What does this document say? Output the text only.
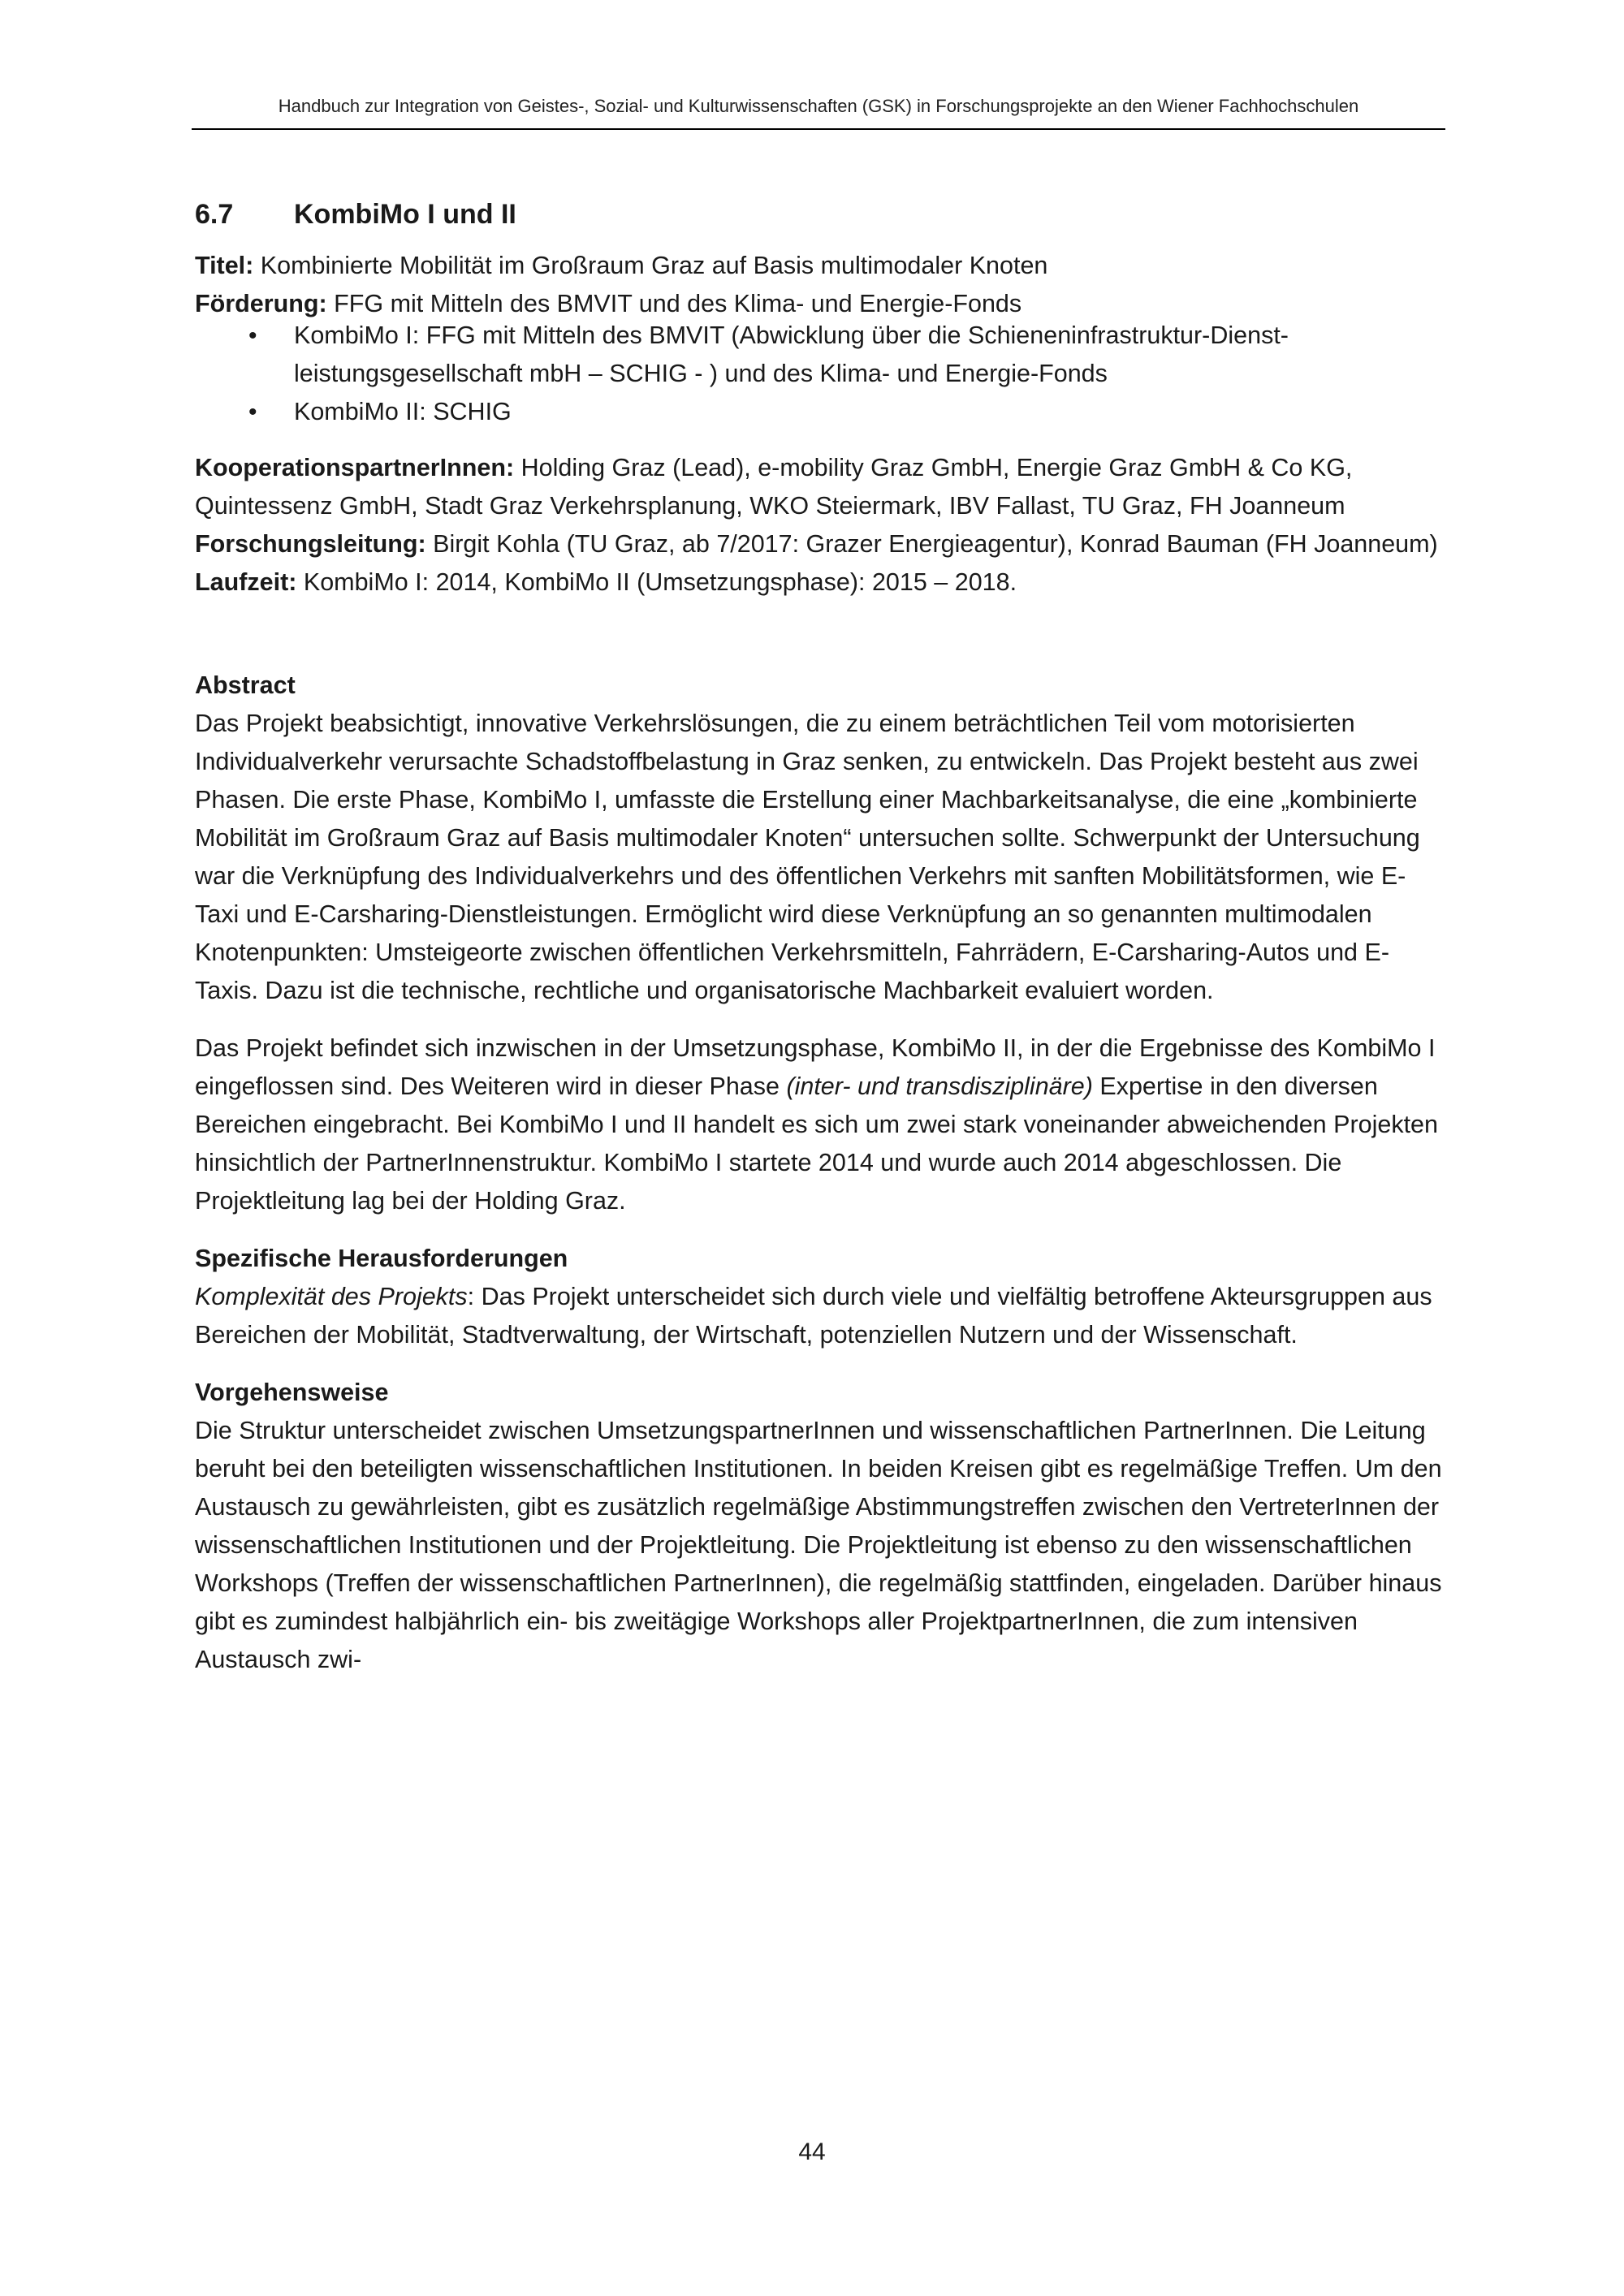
Handbuch zur Integration von Geistes-, Sozial- und Kulturwissenschaften (GSK) in Forschungsprojekte an den Wiener Fachhochschulen
6.7	KombiMo I und II

Titel: Kombinierte Mobilität im Großraum Graz auf Basis multimodaler Knoten

Förderung: FFG mit Mitteln des BMVIT und des Klima- und Energie-Fonds

• KombiMo I: FFG mit Mitteln des BMVIT (Abwicklung über die Schieneninfrastruktur-Dienst-leistungsgesellschaft mbH – SCHIG - ) und des Klima- und Energie-Fonds
• KombiMo II: SCHIG

KooperationspartnerInnen: Holding Graz (Lead), e-mobility Graz GmbH, Energie Graz GmbH & Co KG, Quintessenz GmbH, Stadt Graz Verkehrsplanung, WKO Steiermark, IBV Fallast, TU Graz, FH Joanneum

Forschungsleitung: Birgit Kohla (TU Graz, ab 7/2017: Grazer Energieagentur), Konrad Bauman (FH Joanneum)

Laufzeit: KombiMo I: 2014, KombiMo II (Umsetzungsphase): 2015 – 2018.

Abstract

Das Projekt beabsichtigt, innovative Verkehrslösungen, die zu einem beträchtlichen Teil vom motorisierten Individualverkehr verursachte Schadstoffbelastung in Graz senken, zu entwickeln. Das Projekt besteht aus zwei Phasen. Die erste Phase, KombiMo I, umfasste die Erstellung einer Machbarkeitsanalyse, die eine „kombinierte Mobilität im Großraum Graz auf Basis multimodaler Knoten“ untersuchen sollte. Schwerpunkt der Untersuchung war die Verknüpfung des Individualverkehrs und des öffentlichen Verkehrs mit sanften Mobilitätsformen, wie E-Taxi und E-Carsharing-Dienstleistungen. Ermöglicht wird diese Verknüpfung an so genannten multimodalen Knotenpunkten: Umsteigeorte zwischen öffentlichen Verkehrsmitteln, Fahrrädern, E-Carsharing-Autos und E-Taxis. Dazu ist die technische, rechtliche und organisatorische Machbarkeit evaluiert worden.

Das Projekt befindet sich inzwischen in der Umsetzungsphase, KombiMo II, in der die Ergebnisse des KombiMo I eingeflossen sind. Des Weiteren wird in dieser Phase (inter- und transdisziplinäre) Expertise in den diversen Bereichen eingebracht. Bei KombiMo I und II handelt es sich um zwei stark voneinander abweichenden Projekten hinsichtlich der PartnerInnenstruktur. KombiMo I startete 2014 und wurde auch 2014 abgeschlossen. Die Projektleitung lag bei der Holding Graz.

Spezifische Herausforderungen

Komplexität des Projekts: Das Projekt unterscheidet sich durch viele und vielfältig betroffene Akteursgruppen aus Bereichen der Mobilität, Stadtverwaltung, der Wirtschaft, potenziellen Nutzern und der Wissenschaft.

Vorgehensweise

Die Struktur unterscheidet zwischen UmsetzungspartnerInnen und wissenschaftlichen PartnerInnen. Die Leitung beruht bei den beteiligten wissenschaftlichen Institutionen. In beiden Kreisen gibt es regelmäßige Treffen. Um den Austausch zu gewährleisten, gibt es zusätzlich regelmäßige Abstimmungstreffen zwischen den VertreterInnen der wissenschaftlichen Institutionen und der Projektleitung. Die Projektleitung ist ebenso zu den wissenschaftlichen Workshops (Treffen der wissenschaftlichen PartnerInnen), die regelmäßig stattfinden, eingeladen. Darüber hinaus gibt es zumindest halbjährlich ein- bis zweitägige Workshops aller ProjektpartnerInnen, die zum intensiven Austausch zwi-

44
